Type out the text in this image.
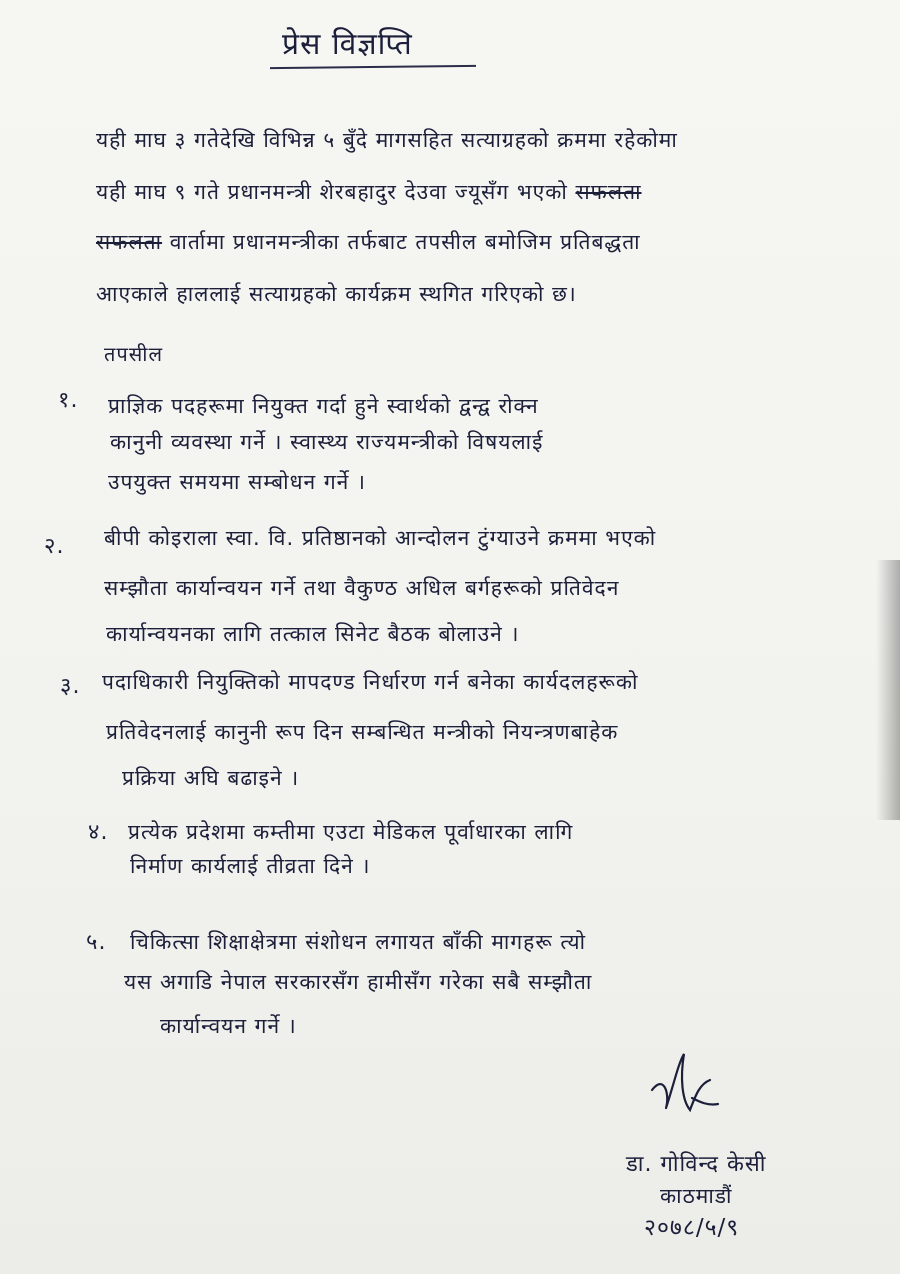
प्रेस विज्ञप्ति
यही माघ ३ गतेदेखि विभिन्न ५ बुँदे मागसहित सत्याग्रहको क्रममा रहेकोमा
यही माघ ९ गते प्रधानमन्त्री शेरबहादुर देउवा ज्यूसँग भएको सफलता
सफलता वार्तामा प्रधानमन्त्रीका तर्फबाट तपसील बमोजिम प्रतिबद्धता
आएकाले हाललाई सत्याग्रहको कार्यक्रम स्थगित गरिएको छ।
तपसील
१. प्राज्ञिक पदहरूमा नियुक्त गर्दा हुने स्वार्थको द्वन्द्व रोक्न
कानुनी व्यवस्था गर्ने । स्वास्थ्य राज्यमन्त्रीको विषयलाई
उपयुक्त समयमा सम्बोधन गर्ने ।
२. बीपी कोइराला स्वा. वि. प्रतिष्ठानको आन्दोलन टुंग्याउने क्रममा भएको
सम्झौता कार्यान्वयन गर्ने तथा वैकुण्ठ अधिल बर्गहरूको प्रतिवेदन
कार्यान्वयनका लागि तत्काल सिनेट बैठक बोलाउने ।
३. पदाधिकारी नियुक्तिको मापदण्ड निर्धारण गर्न बनेका कार्यदलहरूको
प्रतिवेदनलाई कानुनी रूप दिन सम्बन्धित मन्त्रीको नियन्त्रणबाहेक
प्रक्रिया अघि बढाइने ।
४. प्रत्येक प्रदेशमा कम्तीमा एउटा मेडिकल पूर्वाधारका लागि
निर्माण कार्यलाई तीव्रता दिने ।
५. चिकित्सा शिक्षाक्षेत्रमा संशोधन लगायत बाँकी मागहरू त्यो
यस अगाडि नेपाल सरकारसँग हामीसँग गरेका सबै सम्झौता
कार्यान्वयन गर्ने ।
डा. गोविन्द केसी
काठमाडौं
२०७८/५/९
